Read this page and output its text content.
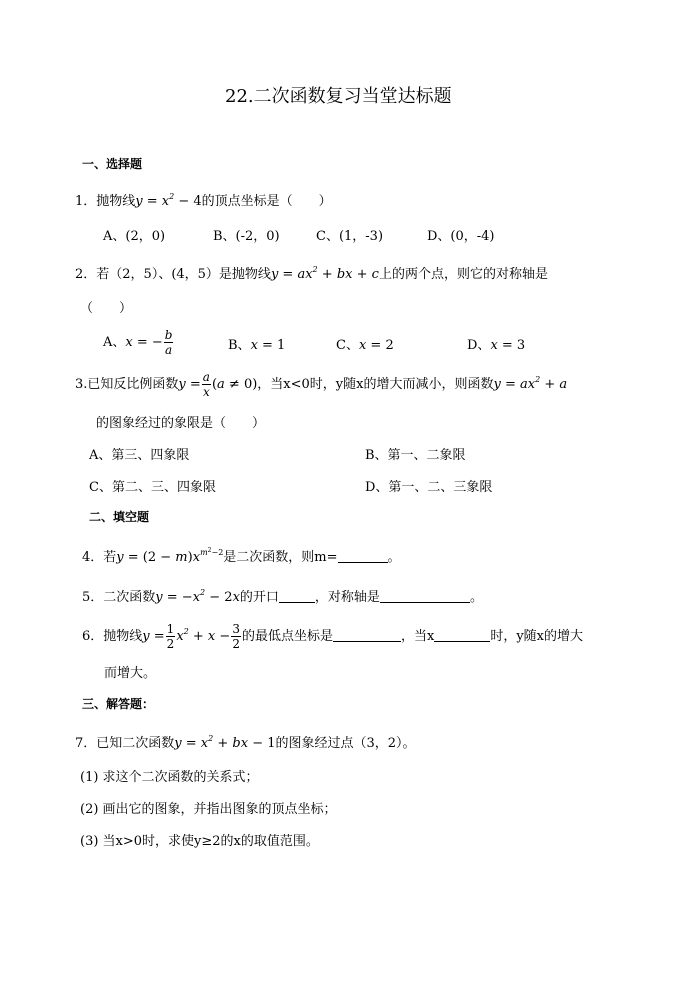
22.二次函数复习当堂达标题
一、选择题
1．抛物线$y = x^2 - 4$的顶点坐标是（　　）
A、(2，0)	B、(-2，0)	C、(1，-3)	D、(0，-4)
2．若（2，5）、(4，5）是抛物线$y = ax^2$ + bx + c上的两个点，则它的对称轴是
（　　）
A、x = − $\frac{b}{a}$	B、x = 1	C、x = 2	D、x = 3
3.已知反比例函数$y = \frac{a}{x} (a \ne 0)$，当x<0时，y随x的增大而减小，则函数$y = ax^2 + a$
的图象经过的象限是（　　）
A、第三、四象限	B、第一、二象限
C、第二、三、四象限	D、第一、二、三象限
二、填空题
4．若$y = (2 - m)x^{m^2-2}$是二次函数，则m=	。
5．二次函数$y = -x^2 - 2x$的开口	，对称轴是	。
6．抛物线$y = \frac{1}{2} x^2 + x - \frac{3}{2}$ 的最低点坐标是	，当x	时，y随x的增大
而增大。
三、解答题：
7．已知二次函数$y = x^2$ + bx − 1的图象经过点（3，2）。
(1) 求这个二次函数的关系式；
(2) 画出它的图象，并指出图象的顶点坐标；
(3) 当x>0时，求使y≥2的x的取值范围。
